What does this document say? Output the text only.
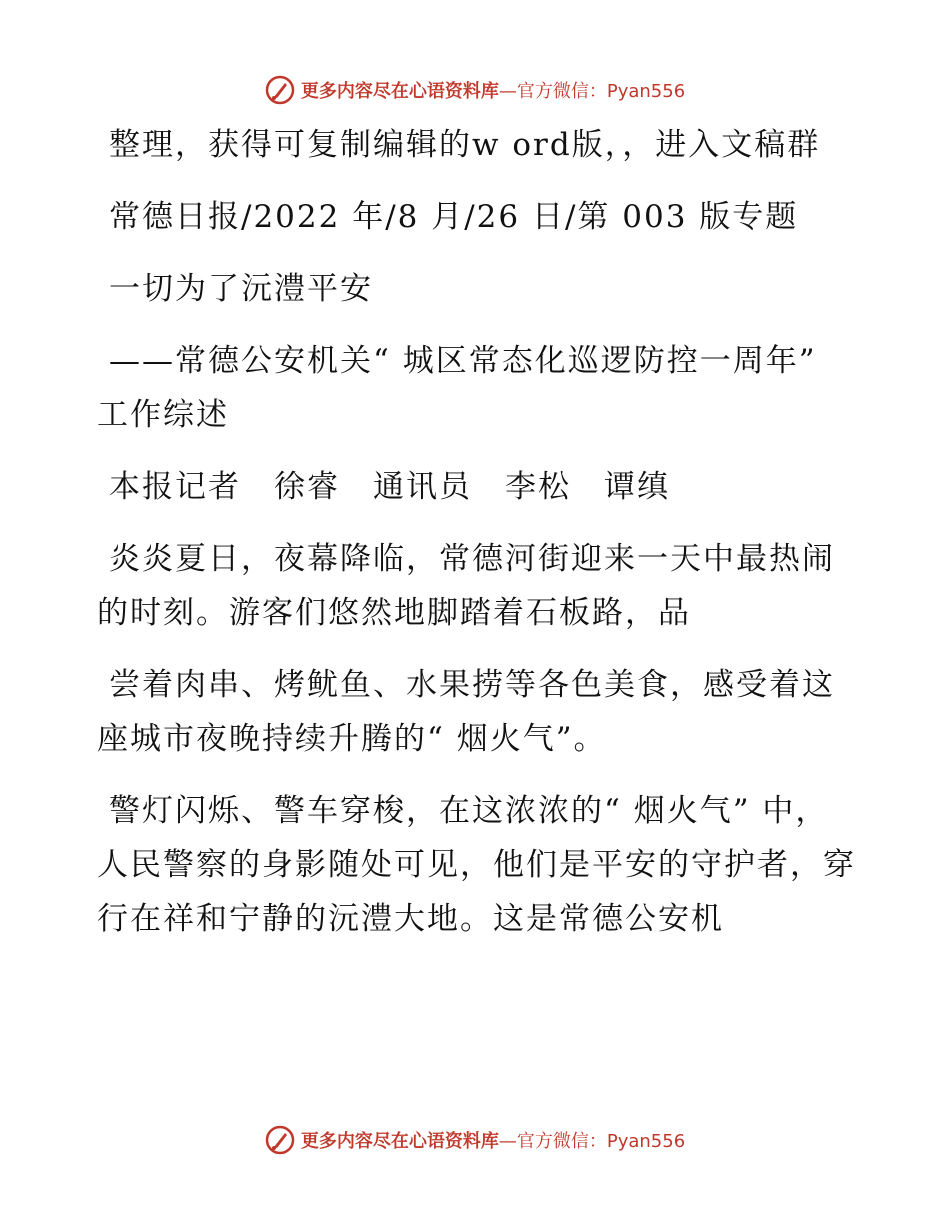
更多内容尽在心语资料库—官方微信：Pyan556

整理，获得可复制编辑的w ord版，，进入文稿群

常德日报/2022 年/8 月/26 日/第 003 版专题

一切为了沅澧平安

——常德公安机关“ 城区常态化巡逻防控一周年” 工作综述

本报记者　徐睿　通讯员　李松　谭缜

炎炎夏日，夜幕降临，常德河街迎来一天中最热闹的时刻。游客们悠然地脚踏着石板路，品

尝着肉串、烤鱿鱼、水果捞等各色美食，感受着这座城市夜晚持续升腾的“ 烟火气”。

警灯闪烁、警车穿梭，在这浓浓的“ 烟火气” 中，人民警察的身影随处可见，他们是平安的守护者，穿行在祥和宁静的沅澧大地。这是常德公安机

更多内容尽在心语资料库—官方微信：Pyan556
